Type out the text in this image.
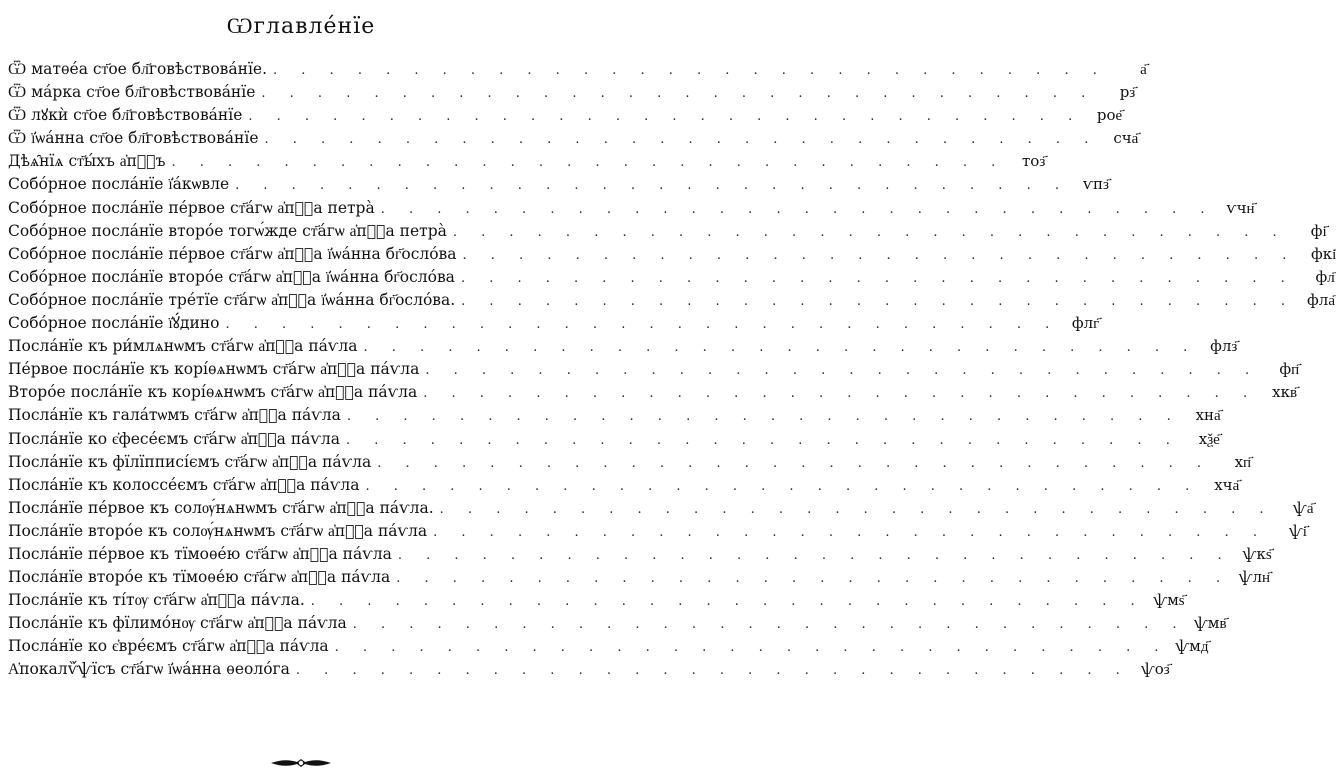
Ѡглавле́нїе
Ѿ матѳе́а ст҃ое бл҃говѣствова́нїе. . . . . . . . . . . . . . . . . . . . . . . . . . . . . . .	а҃
Ѿ ма́рка ст҃ое бл҃говѣствова́нїе . . . . . . . . . . . . . . . . . . . . . . . . . . . . . .	рз҃
Ѿ лꙋкѝ ст҃ое бл҃говѣствова́нїе . . . . . . . . . . . . . . . . . . . . . . . . . . . . . . рое҃
Ѿ ї҆ѡа́нна ст҃ое бл҃говѣствова́нїе . . . . . . . . . . . . . . . . . . . . . . . . . . . . . .	сча҃
Дѣѧ̑нїѧ ст҃ы́хъ а҆пⷧ҇ъ . . . . . . . . . . . . . . . . . . . . . . . . . . . . . .	тоз҃
Собо́рное посла́нїе ї҆а́кѡвле . . . . . . . . . . . . . . . . . . . . . . . . . . . . . . ѵпз҃
Собо́рное посла́нїе пе́рвое ст҃а́гѡ а҆пⷧ҇а петра̀ . . . . . . . . . . . . . . . . . . . . . . . . . . . . . . ѵчн҃
Собо́рное посла́нїе второ́е тогѡ́жде ст҃а́гѡ а҆пⷧ҇а петра̀ . . . . . . . . . . . . . . . . . . . . . . . . . . . . . .	фі҃
Собо́рное посла́нїе пе́рвое ст҃а́гѡ а҆пⷧ҇а ї҆ѡа́нна бг҃осло́ва . . . . . . . . . . . . . . . . . . . . . . . . . . . . . . фкі҃
Собо́рное посла́нїе второ́е ст҃а́гѡ а҆пⷧ҇а ї҆ѡа́нна бг҃осло́ва . . . . . . . . . . . . . . . . . . . . . . . . . . . . . .	фл҃
Собо́рное посла́нїе тре́тїе ст҃а́гѡ а҆пⷧ҇а ї҆ѡа́нна бг҃осло́ва. . . . . . . . . . . . . . . . . . . . . . . . . . . . . . . фла҃
Собо́рное посла́нїе ї҆ꙋ́дино . . . . . . . . . . . . . . . . . . . . . . . . . . . . . . флг҃
Посла́нїе къ ри́млѧнѡмъ ст҃а́гѡ а҆пⷧ҇а па́ѵла . . . . . . . . . . . . . . . . . . . . . . . . . . . . . . флз҃
Пе́рвое посла́нїе къ корі́ѳѧнѡмъ ст҃а́гѡ а҆пⷧ҇а па́ѵла . . . . . . . . . . . . . . . . . . . . . . . . . . . . . .	фп҃
Второ́е посла́нїе къ корі́ѳѧнѡмъ ст҃а́гѡ а҆пⷧ҇а па́ѵла . . . . . . . . . . . . . . . . . . . . . . . . . . . . . .	хкв҃
Посла́нїе къ гала́тѡмъ ст҃а́гѡ а҆пⷧ҇а па́ѵла . . . . . . . . . . . . . . . . . . . . . . . . . . . . . . хна҃
Посла́нїе ко є҆фесе́ємъ ст҃а́гѡ а҆пⷧ҇а па́ѵла . . . . . . . . . . . . . . . . . . . . . . . . . . . . . .	хѯе҃
Посла́нїе къ фїлїпписі́ємъ ст҃а́гѡ а҆пⷧ҇а па́ѵла . . . . . . . . . . . . . . . . . . . . . . . . . . . . . .	хп҃
Посла́нїе къ колоссе́ємъ ст҃а́гѡ а҆пⷧ҇а па́ѵла . . . . . . . . . . . . . . . . . . . . . . . . . . . . . . хча҃
Посла́нїе пе́рвое къ солѹ́нѧнѡмъ ст҃а́гѡ а҆пⷧ҇а па́ѵла. . . . . . . . . . . . . . . . . . . . . . . . . . . . . . .	ѱа҃
Посла́нїе второ́е къ солѹ́нѧнѡмъ ст҃а́гѡ а҆пⷧ҇а па́ѵла . . . . . . . . . . . . . . . . . . . . . . . . . . . . . .	ѱі҃
Посла́нїе пе́рвое къ тїмоѳе́ю ст҃а́гѡ а҆пⷧ҇а па́ѵла . . . . . . . . . . . . . . . . . . . . . . . . . . . . . . ѱкѕ҃
Посла́нїе второ́е къ тїмоѳе́ю ст҃а́гѡ а҆пⷧ҇а па́ѵла . . . . . . . . . . . . . . . . . . . . . . . . . . . . . . ѱлн҃
Посла́нїе къ ті́тѹ ст҃а́гѡ а҆пⷧ҇а па́ѵла. . . . . . . . . . . . . . . . . . . . . . . . . . . . . . . ѱмѕ҃
Посла́нїе къ фїлимо́нѹ ст҃а́гѡ а҆пⷧ҇а па́ѵла . . . . . . . . . . . . . . . . . . . . . . . . . . . . . . ѱмв҃
Посла́нїе ко є҆вре́ємъ ст҃а́гѡ а҆пⷧ҇а па́ѵла . . . . . . . . . . . . . . . . . . . . . . . . . . . . . . ѱмд҃
А҆покалѷ́ѱїсъ ст҃а́гѡ ї҆ѡа́нна ѳеоло́га . . . . . . . . . . . . . . . . . . . . . . . . . . . . . . ѱоз҃
